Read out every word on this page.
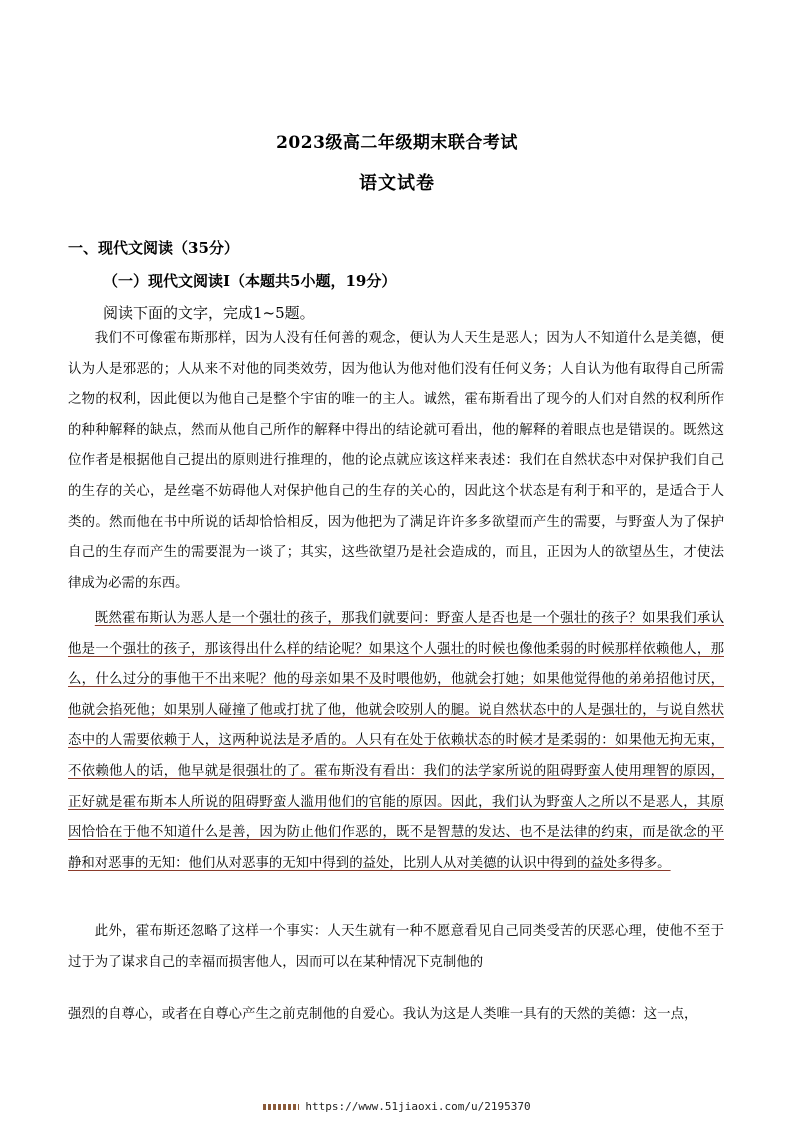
2023级高二年级期末联合考试
语文试卷
一、现代文阅读（35分）
（一）现代文阅读Ⅰ（本题共5小题，19分）
阅读下面的文字，完成1~5题。

我们不可像霍布斯那样，因为人没有任何善的观念，便认为人天生是恶人；因为人不知道什么是美德，便认为人是邪恶的；人从来不对他的同类效劳，因为他认为他对他们没有任何义务；人自认为他有取得自己所需之物的权利，因此便以为他自己是整个宇宙的唯一的主人。诚然，霍布斯看出了现今的人们对自然的权利所作的种种解释的缺点，然而从他自己所作的解释中得出的结论就可看出，他的解释的着眼点也是错误的。既然这位作者是根据他自己提出的原则进行推理的，他的论点就应该这样来表述：我们在自然状态中对保护我们自己的生存的关心，是丝毫不妨碍他人对保护他自己的生存的关心的，因此这个状态是有利于和平的，是适合于人类的。然而他在书中所说的话却恰恰相反，因为他把为了满足许许多多欲望而产生的需要，与野蛮人为了保护自己的生存而产生的需要混为一谈了；其实，这些欲望乃是社会造成的，而且，正因为人的欲望丛生，才使法律成为必需的东西。

既然霍布斯认为恶人是一个强壮的孩子，那我们就要问：野蛮人是否也是一个强壮的孩子？如果我们承认他是一个强壮的孩子，那该得出什么样的结论呢？如果这个人强壮的时候也像他柔弱的时候那样依赖他人，那么，什么过分的事他干不出来呢？他的母亲如果不及时喂他奶，他就会打她；如果他觉得他的弟弟招他讨厌，他就会掐死他；如果别人碰撞了他或打扰了他，他就会咬别人的腿。说自然状态中的人是强壮的，与说自然状态中的人需要依赖于人，这两种说法是矛盾的。人只有在处于依赖状态的时候才是柔弱的：如果他无拘无束，不依赖他人的话，他早就是很强壮的了。霍布斯没有看出：我们的法学家所说的阻碍野蛮人使用理智的原因，正好就是霍布斯本人所说的阻碍野蛮人滥用他们的官能的原因。因此，我们认为野蛮人之所以不是恶人，其原因恰恰在于他不知道什么是善，因为防止他们作恶的，既不是智慧的发达、也不是法律的约束，而是欲念的平静和对恶事的无知：他们从对恶事的无知中得到的益处，比别人从对美德的认识中得到的益处多得多。

此外，霍布斯还忽略了这样一个事实：人天生就有一种不愿意看见自己同类受苦的厌恶心理，使他不至于过于为了谋求自己的幸福而损害他人，因而可以在某种情况下克制他的

强烈的自尊心，或者在自尊心产生之前克制他的自爱心。我认为这是人类唯一具有的天然的美德：这一点，

https://www.51jiaoxi.com/u/2195370
